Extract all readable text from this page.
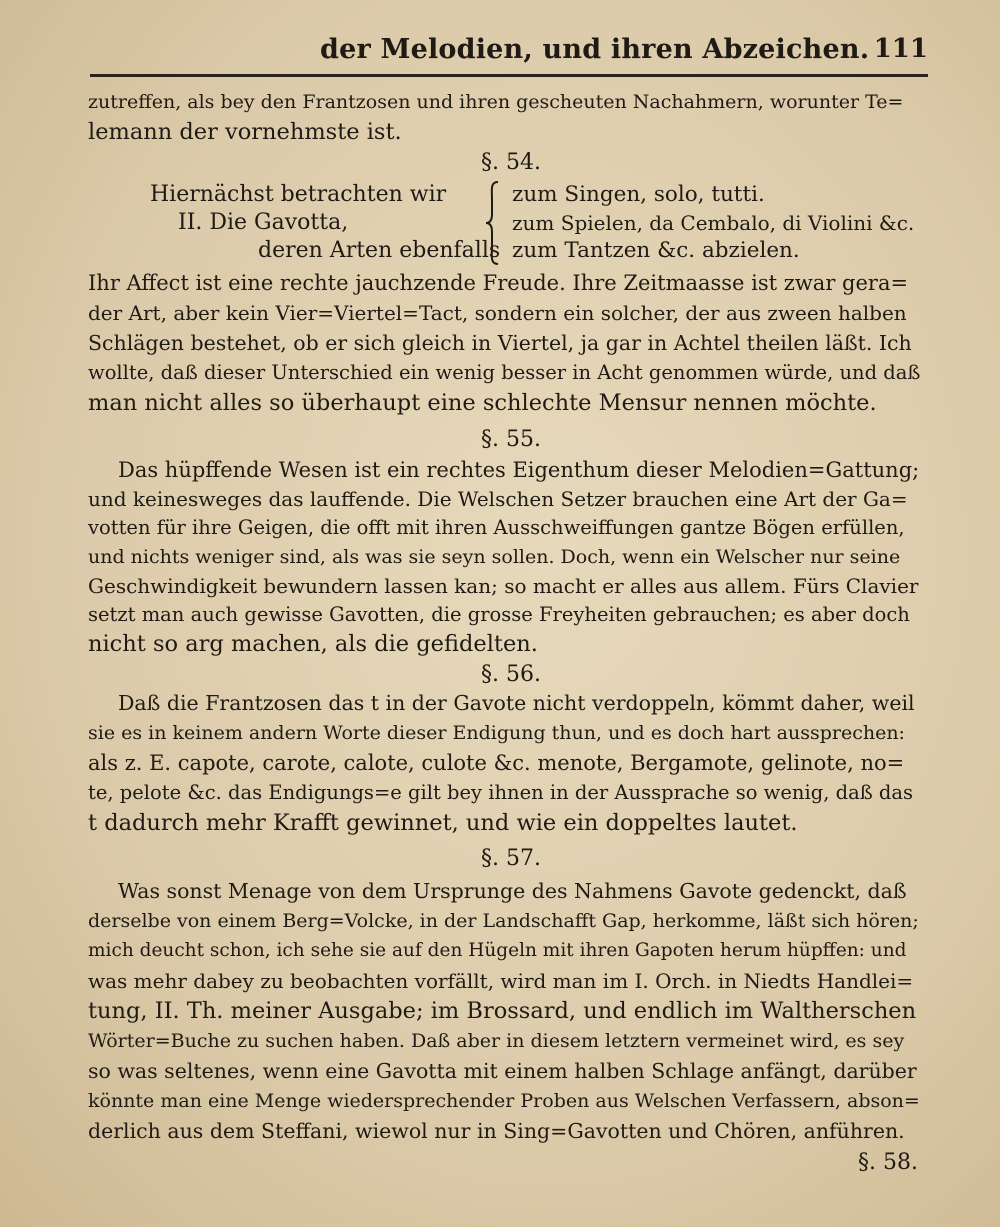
der Melodien, und ihren Abzeichen. 111
zutreffen, als bey den Frantzosen und ihren gescheuten Nachahmern, worunter Te=
lemann der vornehmste ist.
§. 54.
Hiernächst betrachten wir
II. Die Gavotta,
deren Arten ebenfalls
zum Singen, solo, tutti.
zum Spielen, da Cembalo, di Violini &c.
zum Tantzen &c. abzielen.
Ihr Affect ist eine rechte jauchzende Freude. Ihre Zeitmaasse ist zwar gera=
der Art, aber kein Vier=Viertel=Tact, sondern ein solcher, der aus zween halben
Schlägen bestehet, ob er sich gleich in Viertel, ja gar in Achtel theilen läßt. Ich
wollte, daß dieser Unterschied ein wenig besser in Acht genommen würde, und daß
man nicht alles so überhaupt eine schlechte Mensur nennen möchte.
§. 55.
Das hüpffende Wesen ist ein rechtes Eigenthum dieser Melodien=Gattung;
und keinesweges das lauffende. Die Welschen Setzer brauchen eine Art der Ga=
votten für ihre Geigen, die offt mit ihren Ausschweiffungen gantze Bögen erfüllen,
und nichts weniger sind, als was sie seyn sollen. Doch, wenn ein Welscher nur seine
Geschwindigkeit bewundern lassen kan; so macht er alles aus allem. Fürs Clavier
setzt man auch gewisse Gavotten, die grosse Freyheiten gebrauchen; es aber doch
nicht so arg machen, als die gefidelten.
§. 56.
Daß die Frantzosen das t in der Gavote nicht verdoppeln, kömmt daher, weil
sie es in keinem andern Worte dieser Endigung thun, und es doch hart aussprechen:
als z. E. capote, carote, calote, culote &c. menote, Bergamote, gelinote, no=
te, pelote &c. das Endigungs=e gilt bey ihnen in der Aussprache so wenig, daß das
t dadurch mehr Krafft gewinnet, und wie ein doppeltes lautet.
§. 57.
Was sonst Menage von dem Ursprunge des Nahmens Gavote gedenckt, daß
derselbe von einem Berg=Volcke, in der Landschafft Gap, herkomme, läßt sich hören;
mich deucht schon, ich sehe sie auf den Hügeln mit ihren Gapoten herum hüpffen: und
was mehr dabey zu beobachten vorfällt, wird man im I. Orch. in Niedts Handlei=
tung, II. Th. meiner Ausgabe; im Brossard, und endlich im Waltherschen
Wörter=Buche zu suchen haben. Daß aber in diesem letztern vermeinet wird, es sey
so was seltenes, wenn eine Gavotta mit einem halben Schlage anfängt, darüber
könnte man eine Menge wiedersprechender Proben aus Welschen Verfassern, abson=
derlich aus dem Steffani, wiewol nur in Sing=Gavotten und Chören, anführen.
§. 58.
